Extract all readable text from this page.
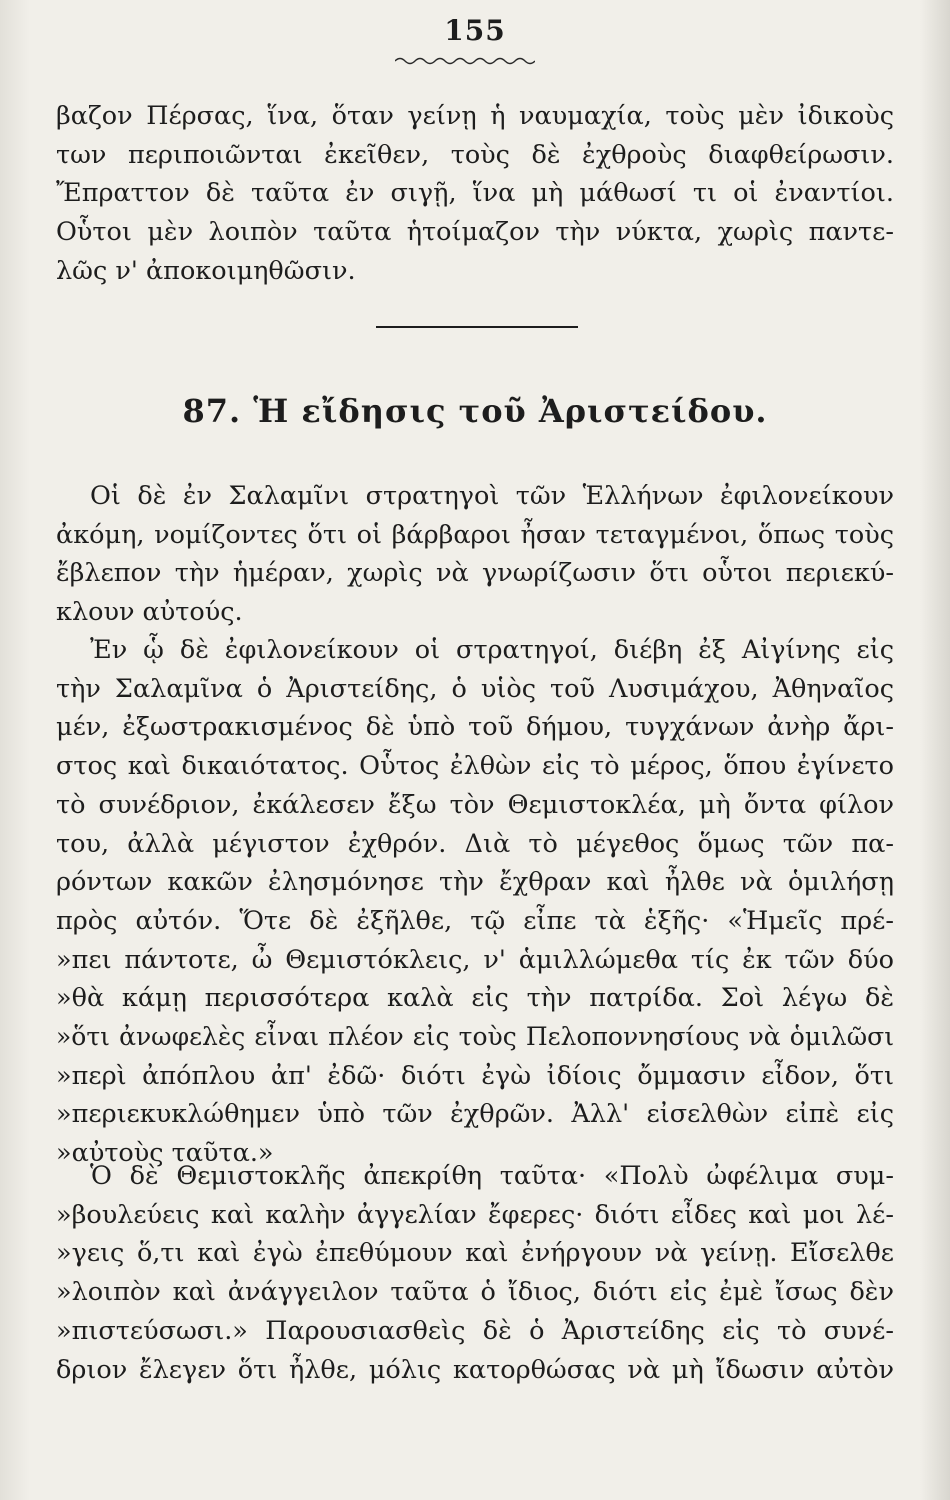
155
βαζον Πέρσας, ἵνα, ὅταν γείνῃ ἡ ναυμαχία, τοὺς μὲν ἰδικοὺς
των περιποιῶνται ἐκεῖθεν, τοὺς δὲ ἐχθροὺς διαφθείρωσιν.
Ἔπραττον δὲ ταῦτα ἐν σιγῇ, ἵνα μὴ μάθωσί τι οἱ ἐναντίοι.
Οὗτοι μὲν λοιπὸν ταῦτα ἡτοίμαζον τὴν νύκτα, χωρὶς παντε-
λῶς ν' ἀποκοιμηθῶσιν.
87. Ἡ εἴδησις τοῦ Ἀριστείδου.
Οἱ δὲ ἐν Σαλαμῖνι στρατηγοὶ τῶν Ἑλλήνων ἐφιλονείκουν
ἀκόμη, νομίζοντες ὅτι οἱ βάρβαροι ἦσαν τεταγμένοι, ὅπως τοὺς
ἔβλεπον τὴν ἡμέραν, χωρὶς νὰ γνωρίζωσιν ὅτι οὗτοι περιεκύ-
κλουν αὐτούς.
Ἐν ᾧ δὲ ἐφιλονείκουν οἱ στρατηγοί, διέβη ἐξ Αἰγίνης εἰς
τὴν Σαλαμῖνα ὁ Ἀριστείδης, ὁ υἱὸς τοῦ Λυσιμάχου, Ἀθηναῖος
μέν, ἐξωστρακισμένος δὲ ὑπὸ τοῦ δήμου, τυγχάνων ἀνὴρ ἄρι-
στος καὶ δικαιότατος. Οὗτος ἐλθὼν εἰς τὸ μέρος, ὅπου ἐγίνετο
τὸ συνέδριον, ἐκάλεσεν ἔξω τὸν Θεμιστοκλέα, μὴ ὄντα φίλον
του, ἀλλὰ μέγιστον ἐχθρόν. Διὰ τὸ μέγεθος ὅμως τῶν πα-
ρόντων κακῶν ἐλησμόνησε τὴν ἔχθραν καὶ ἦλθε νὰ ὁμιλήσῃ
πρὸς αὐτόν. Ὅτε δὲ ἐξῆλθε, τῷ εἶπε τὰ ἑξῆς· «Ἡμεῖς πρέ-
»πει πάντοτε, ὦ Θεμιστόκλεις, ν' ἁμιλλώμεθα τίς ἐκ τῶν δύο
»θὰ κάμῃ περισσότερα καλὰ εἰς τὴν πατρίδα. Σοὶ λέγω δὲ
»ὅτι ἀνωφελὲς εἶναι πλέον εἰς τοὺς Πελοποννησίους νὰ ὁμιλῶσι
»περὶ ἀπόπλου ἀπ' ἐδῶ· διότι ἐγὼ ἰδίοις ὄμμασιν εἶδον, ὅτι
»περιεκυκλώθημεν ὑπὸ τῶν ἐχθρῶν. Ἀλλ' εἰσελθὼν εἰπὲ εἰς
»αὐτοὺς ταῦτα.»
Ὁ δὲ Θεμιστοκλῆς ἀπεκρίθη ταῦτα· «Πολὺ ὠφέλιμα συμ-
»βουλεύεις καὶ καλὴν ἀγγελίαν ἔφερες· διότι εἶδες καὶ μοι λέ-
»γεις ὅ,τι καὶ ἐγὼ ἐπεθύμουν καὶ ἐνήργουν νὰ γείνῃ. Εἴσελθε
»λοιπὸν καὶ ἀνάγγειλον ταῦτα ὁ ἴδιος, διότι εἰς ἐμὲ ἴσως δὲν
»πιστεύσωσι.» Παρουσιασθεὶς δὲ ὁ Ἀριστείδης εἰς τὸ συνέ-
δριον ἔλεγεν ὅτι ἦλθε, μόλις κατορθώσας νὰ μὴ ἴδωσιν αὐτὸν
